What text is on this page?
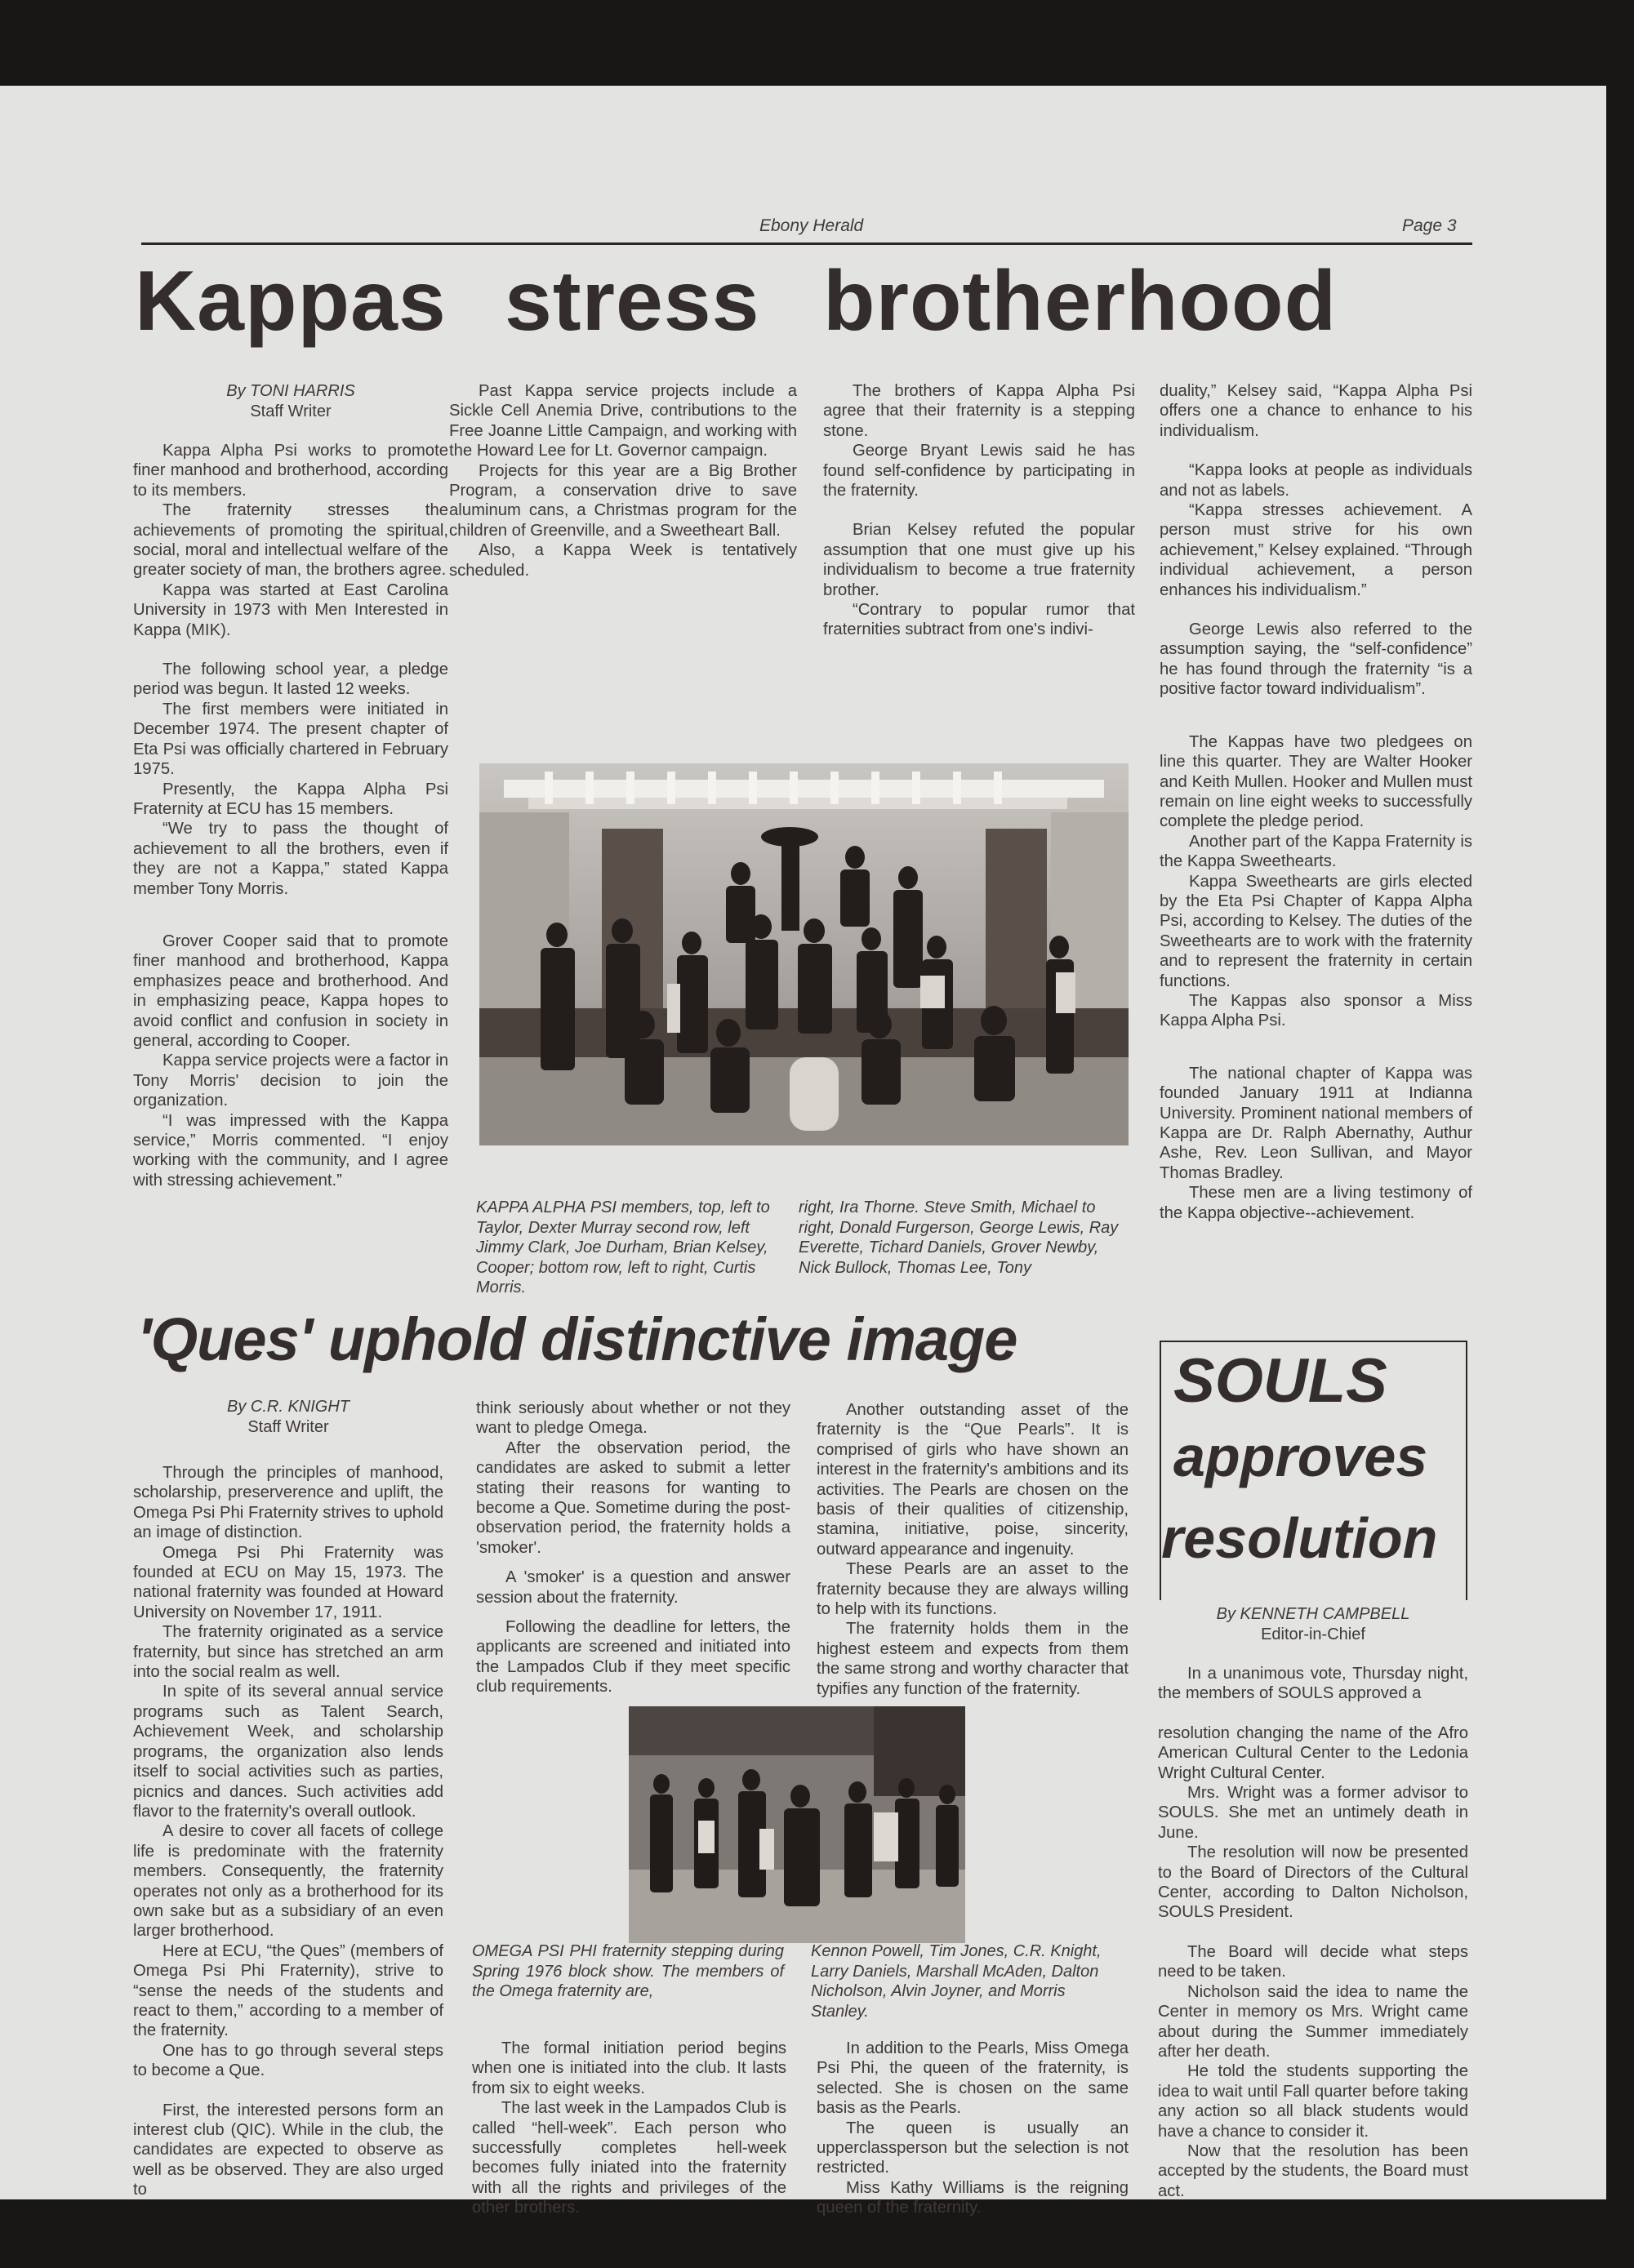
Ebony Herald	Page 3
Kappas stress brotherhood
By TONI HARRIS
Staff Writer

Kappa Alpha Psi works to promote finer manhood and brotherhood, according to its members.

The fraternity stresses the achievements of promoting the spiritual, social, moral and intellectual welfare of the greater society of man, the brothers agree.

Kappa was started at East Carolina University in 1973 with Men Interested in Kappa (MIK).

The following school year, a pledge period was begun. It lasted 12 weeks.

The first members were initiated in December 1974. The present chapter of Eta Psi was officially chartered in February 1975.

Presently, the Kappa Alpha Psi Fraternity at ECU has 15 members.

“We try to pass the thought of achievement to all the brothers, even if they are not a Kappa,” stated Kappa member Tony Morris.

Grover Cooper said that to promote finer manhood and brotherhood, Kappa emphasizes peace and brotherhood. And in emphasizing peace, Kappa hopes to avoid conflict and confusion in society in general, according to Cooper.

Kappa service projects were a factor in Tony Morris' decision to join the organization.

“I was impressed with the Kappa service,” Morris commented. “I enjoy working with the community, and I agree with stressing achievement.”

Past Kappa service projects include a Sickle Cell Anemia Drive, contributions to the Free Joanne Little Campaign, and working with the Howard Lee for Lt. Governor campaign.

Projects for this year are a Big Brother Program, a conservation drive to save aluminum cans, a Christmas program for the children of Greenville, and a Sweetheart Ball.

Also, a Kappa Week is tentatively scheduled.

The brothers of Kappa Alpha Psi agree that their fraternity is a stepping stone.

George Bryant Lewis said he has found self-confidence by participating in the fraternity.

Brian Kelsey refuted the popular assumption that one must give up his individualism to become a true fraternity brother.

“Contrary to popular rumor that fraternities subtract from one's indivi-

duality,” Kelsey said, “Kappa Alpha Psi offers one a chance to enhance to his individualism.

“Kappa looks at people as individuals and not as labels.

“Kappa stresses achievement. A person must strive for his own achievement,” Kelsey explained. “Through individual achievement, a person enhances his individualism.”

George Lewis also referred to the assumption saying, the “self-confidence” he has found through the fraternity “is a positive factor toward individualism”.

The Kappas have two pledgees on line this quarter. They are Walter Hooker and Keith Mullen. Hooker and Mullen must remain on line eight weeks to successfully complete the pledge period.

Another part of the Kappa Fraternity is the Kappa Sweethearts.

Kappa Sweethearts are girls elected by the Eta Psi Chapter of Kappa Alpha Psi, according to Kelsey. The duties of the Sweethearts are to work with the fraternity and to represent the fraternity in certain functions.

The Kappas also sponsor a Miss Kappa Alpha Psi.

The national chapter of Kappa was founded January 1911 at Indianna University. Prominent national members of Kappa are Dr. Ralph Abernathy, Authur Ashe, Rev. Leon Sullivan, and Mayor Thomas Bradley.

These men are a living testimony of the Kappa objective--achievement.

KAPPA ALPHA PSI members, top, left to Taylor, Dexter Murray second row, left Jimmy Clark, Joe Durham, Brian Kelsey, Cooper; bottom row, left to right, Curtis Morris.
right, Ira Thorne. Steve Smith, Michael to right, Donald Furgerson, George Lewis, Ray Everette, Tichard Daniels, Grover Newby, Nick Bullock, Thomas Lee, Tony
'Ques' uphold distinctive image
By C.R. KNIGHT
Staff Writer

Through the principles of manhood, scholarship, preserverence and uplift, the Omega Psi Phi Fraternity strives to uphold an image of distinction.

Omega Psi Phi Fraternity was founded at ECU on May 15, 1973. The national fraternity was founded at Howard University on November 17, 1911.

The fraternity originated as a service fraternity, but since has stretched an arm into the social realm as well.

In spite of its several annual service programs such as Talent Search, Achievement Week, and scholarship programs, the organization also lends itself to social activities such as parties, picnics and dances. Such activities add flavor to the fraternity's overall outlook.

A desire to cover all facets of college life is predominate with the fraternity members. Consequently, the fraternity operates not only as a brotherhood for its own sake but as a subsidiary of an even larger brotherhood.

Here at ECU, “the Ques” (members of Omega Psi Phi Fraternity), strive to “sense the needs of the students and react to them,” according to a member of the fraternity.

One has to go through several steps to become a Que.

First, the interested persons form an interest club (QIC). While in the club, the candidates are expected to observe as well as be observed. They are also urged to

think seriously about whether or not they want to pledge Omega.

After the observation period, the candidates are asked to submit a letter stating their reasons for wanting to become a Que. Sometime during the post-observation period, the fraternity holds a 'smoker'.

A 'smoker' is a question and answer session about the fraternity.

Following the deadline for letters, the applicants are screened and initiated into the Lampados Club if they meet specific club requirements.

OMEGA PSI PHI fraternity stepping during Spring 1976 block show. The members of the Omega fraternity are,
Kennon Powell, Tim Jones, C.R. Knight, Larry Daniels, Marshall McAden, Dalton Nicholson, Alvin Joyner, and Morris Stanley.

The formal initiation period begins when one is initiated into the club. It lasts from six to eight weeks.

The last week in the Lampados Club is called “hell-week”. Each person who successfully completes hell-week becomes fully iniated into the fraternity with all the rights and privileges of the other brothers.

Another outstanding asset of the fraternity is the “Que Pearls”. It is comprised of girls who have shown an interest in the fraternity's ambitions and its activities. The Pearls are chosen on the basis of their qualities of citizenship, stamina, initiative, poise, sincerity, outward appearance and ingenuity.

These Pearls are an asset to the fraternity because they are always willing to help with its functions.

The fraternity holds them in the highest esteem and expects from them the same strong and worthy character that typifies any function of the fraternity.

In addition to the Pearls, Miss Omega Psi Phi, the queen of the fraternity, is selected. She is chosen on the same basis as the Pearls.

The queen is usually an upperclassperson but the selection is not restricted.

Miss Kathy Williams is the reigning queen of the fraternity.

SOULS
approves
resolution
By KENNETH CAMPBELL
Editor-in-Chief

In a unanimous vote, Thursday night, the members of SOULS approved a

resolution changing the name of the Afro American Cultural Center to the Ledonia Wright Cultural Center.

Mrs. Wright was a former advisor to SOULS. She met an untimely death in June.

The resolution will now be presented to the Board of Directors of the Cultural Center, according to Dalton Nicholson, SOULS President.

The Board will decide what steps need to be taken.

Nicholson said the idea to name the Center in memory os Mrs. Wright came about during the Summer immediately after her death.

He told the students supporting the idea to wait until Fall quarter before taking any action so all black students would have a chance to consider it.

Now that the resolution has been accepted by the students, the Board must act.
